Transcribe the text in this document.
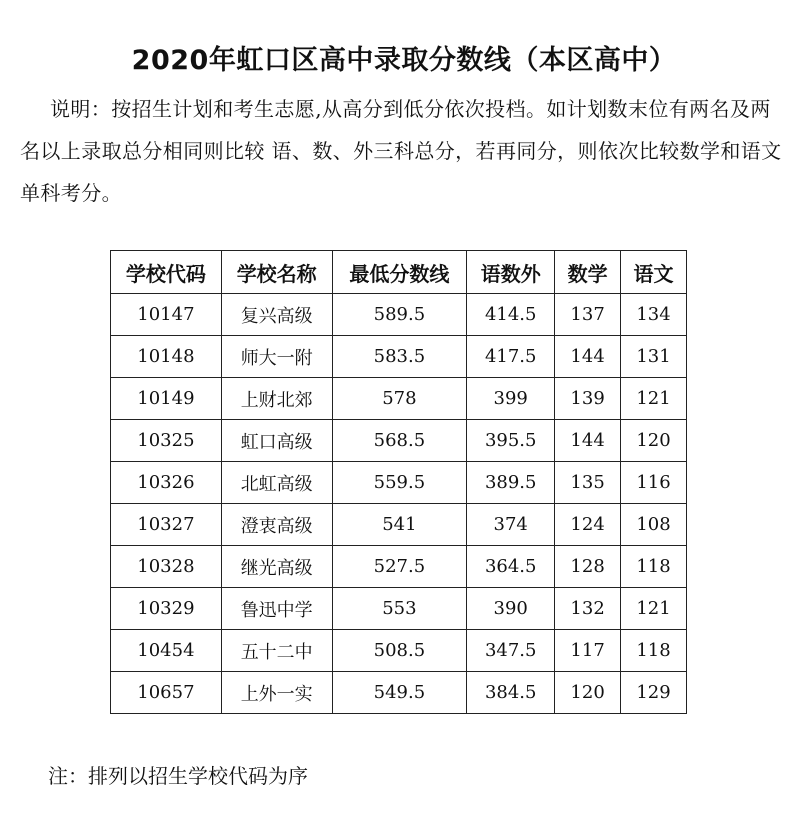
2020年虹口区高中录取分数线（本区高中）

说明：按招生计划和考生志愿,从高分到低分依次投档。如计划数末位有两名及两名以上录取总分相同则比较 语、数、外三科总分，若再同分，则依次比较数学和语文单科考分。

学校代码	学校名称	最低分数线	语数外	数学	语文
10147	复兴高级	589.5	414.5	137	134
10148	师大一附	583.5	417.5	144	131
10149	上财北郊	578	399	139	121
10325	虹口高级	568.5	395.5	144	120
10326	北虹高级	559.5	389.5	135	116
10327	澄衷高级	541	374	124	108
10328	继光高级	527.5	364.5	128	118
10329	鲁迅中学	553	390	132	121
10454	五十二中	508.5	347.5	117	118
10657	上外一实	549.5	384.5	120	129

注：排列以招生学校代码为序
